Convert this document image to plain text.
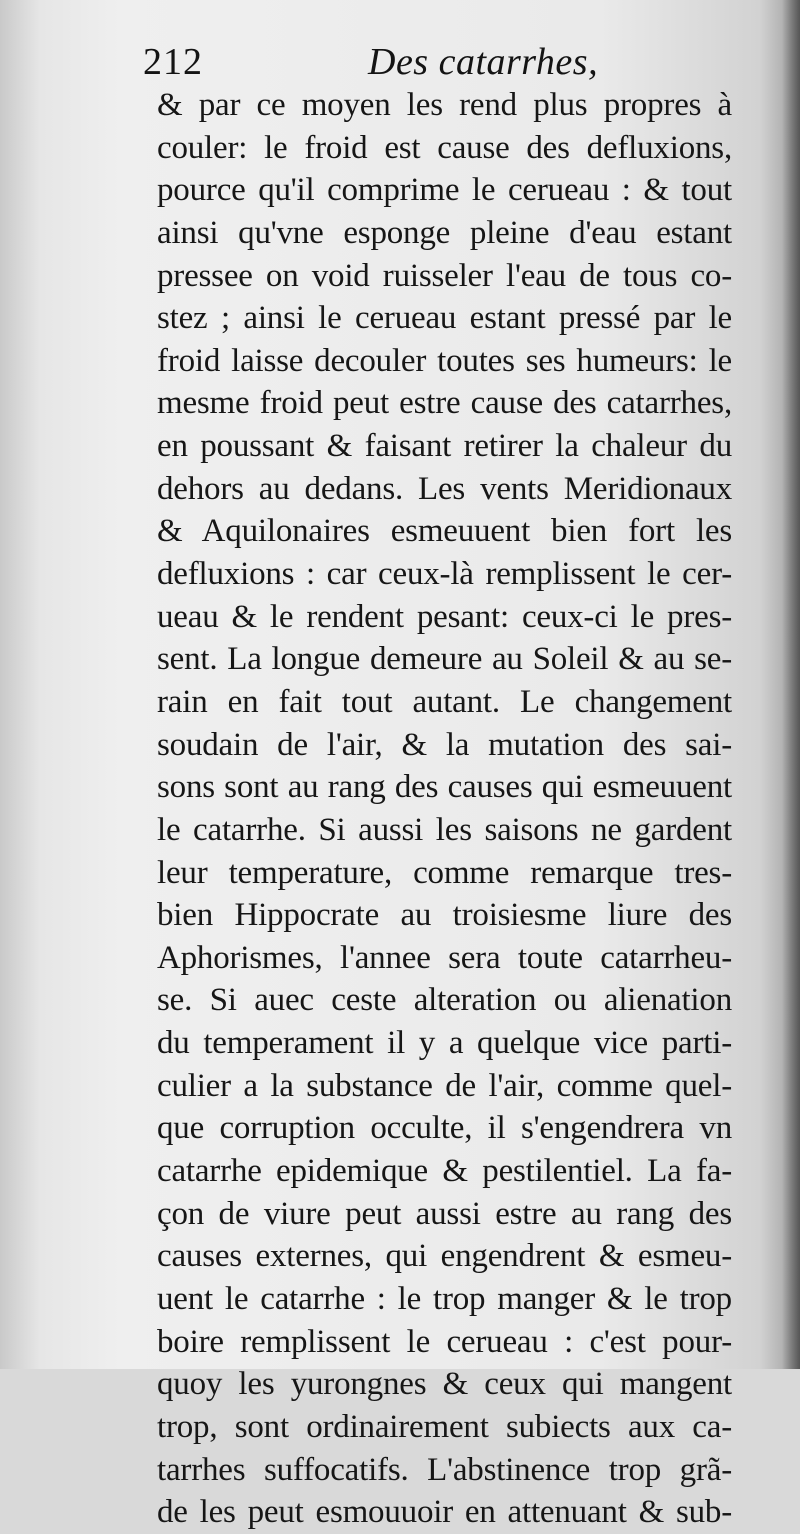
212	Des catarrhes,
& par ce moyen les rend plus propres à
couler: le froid est cause des defluxions,
pource qu'il comprime le cerueau : & tout
ainsi qu'vne esponge pleine d'eau estant
pressee on void ruisseler l'eau de tous co-
stez ; ainsi le cerueau estant pressé par le
froid laisse decouler toutes ses humeurs: le
mesme froid peut estre cause des catarrhes,
en poussant & faisant retirer la chaleur du
dehors au dedans. Les vents Meridionaux
& Aquilonaires esmeuuent bien fort les
defluxions : car ceux-là remplissent le cer-
ueau & le rendent pesant: ceux-ci le pres-
sent. La longue demeure au Soleil & au se-
rain en fait tout autant. Le changement
soudain de l'air, & la mutation des sai-
sons sont au rang des causes qui esmeuuent
le catarrhe. Si aussi les saisons ne gardent
leur temperature, comme remarque tres-
bien Hippocrate au troisiesme liure des
Aphorismes, l'annee sera toute catarrheu-
se. Si auec ceste alteration ou alienation
du temperament il y a quelque vice parti-
culier a la substance de l'air, comme quel-
que corruption occulte, il s'engendrera vn
catarrhe epidemique & pestilentiel. La fa-
çon de viure peut aussi estre au rang des
causes externes, qui engendrent & esmeu-
uent le catarrhe : le trop manger & le trop
boire remplissent le cerueau : c'est pour-
quoy les yurongnes & ceux qui mangent
trop, sont ordinairement subiects aux ca-
tarrhes suffocatifs. L'abstinence trop grã-
de les peut esmouuoir en attenuant & sub-
